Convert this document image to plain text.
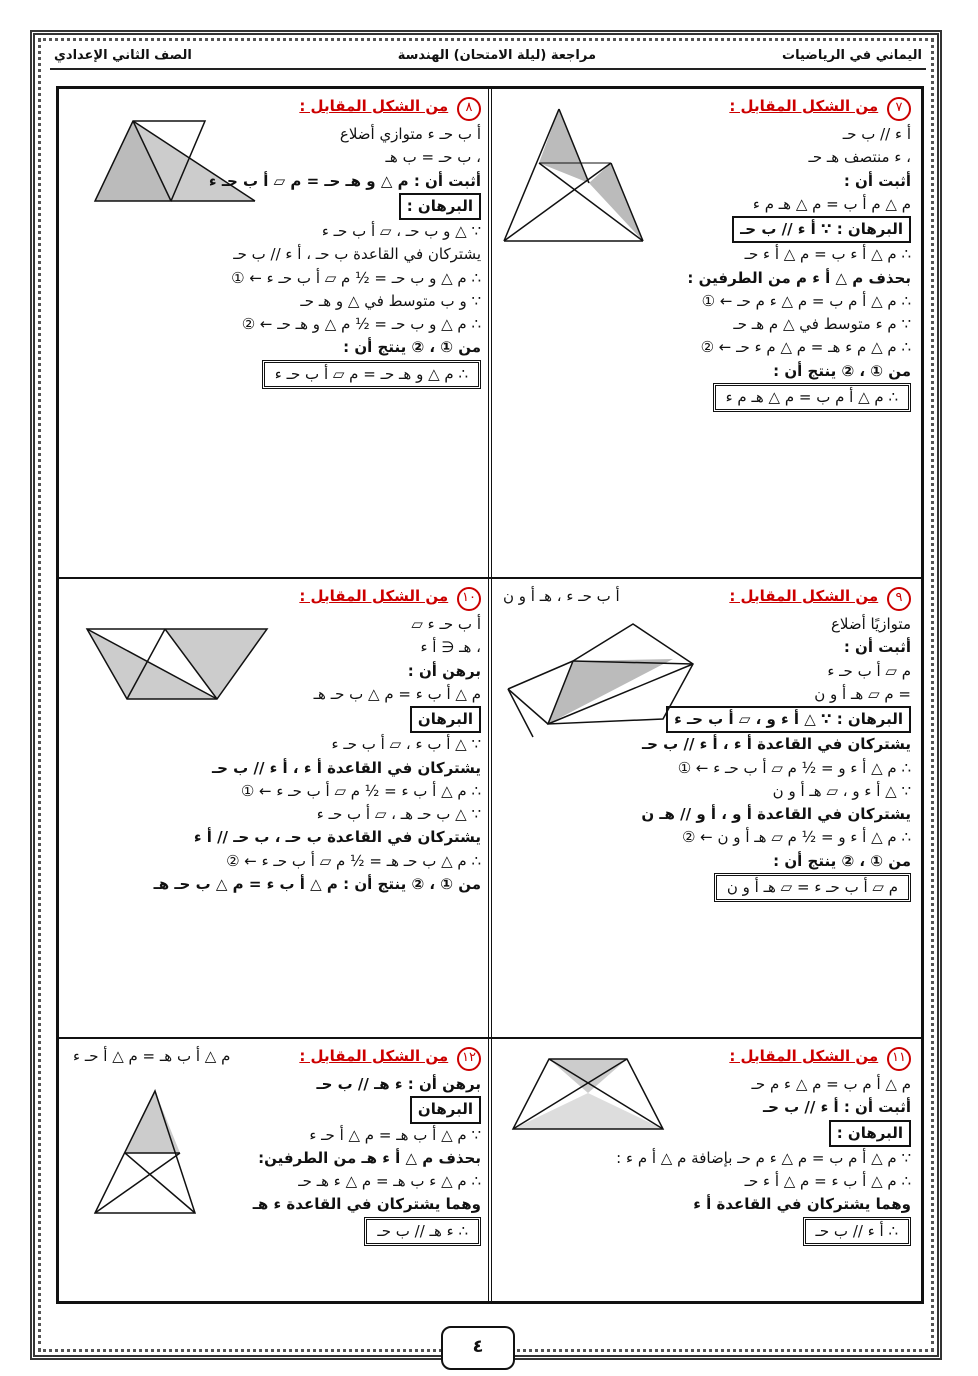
اليماني في الرياضيات
مراجعة (ليلة الامتحان) الهندسة
الصف الثاني الإعدادي
٧ من الشكل المقابل :
أ ء // ب حـ
، ء منتصف هـ حـ
أثبت أن :
م △ م أ ب = م △ هـ م ء
البرهان : ∵ أ ء // ب حـ
∴ م △ أ ء ب = م △ أ ء حـ
بحذف م △ أ ء م من الطرفين :
∴ م △ أ م ب = م △ ء م حـ ← ①
∵ م ء متوسط في △ م هـ حـ
∴ م △ م ء هـ = م △ م ء حـ ← ②
من ① ، ② ينتج أن :
∴ م △ أ م ب = م △ هـ م ء
٨ من الشكل المقابل :
أ ب حـ ء متوازي أضلاع
، ب حـ = ب هـ
أثبت أن : م △ و هـ حـ = م ▱ أ ب حـ ء
البرهان :
∵ △ و ب حـ ، ▱ أ ب حـ ء
يشتركان في القاعدة ب حـ ، أ ء // ب حـ
∴ م △ و ب حـ = ½ م ▱ أ ب حـ ء ← ①
∵ و ب متوسط في △ و هـ حـ
∴ م △ و ب حـ = ½ م △ و هـ حـ ← ②
من ① ، ② ينتج أن :
∴ م △ و هـ حـ = م ▱ أ ب حـ ء
٩ من الشكل المقابل :
متوازيًا أضلاع
أثبت أن :
م ▱ أ ب حـ ء
= م ▱ هـ أ و ن
البرهان : ∵ △ أ ء و ، ▱ أ ب حـ ء
يشتركان في القاعدة أ ء ، أ ء // ب حـ
∴ م △ أ ء و = ½ م ▱ أ ب حـ ء ← ①
∵ △ أ ء و ، ▱ هـ أ و ن
يشتركان في القاعدة أ و ، أ و // هـ ن
∴ م △ أ ء و = ½ م ▱ هـ أ و ن ← ②
من ① ، ② ينتج أن :
م ▱ أ ب حـ ء = ▱ هـ أ و ن
أ ب حـ ء ، هـ أ و ن
١٠ من الشكل المقابل :
أ ب حـ ء ▱
، هـ ∈ أ ء
برهن أن :
م △ أ ب ء = م △ ب حـ هـ
البرهان
∵ △ أ ب ء ، ▱ أ ب حـ ء
يشتركان في القاعدة أ ء ، أ ء // ب حـ
∴ م △ أ ب ء = ½ م ▱ أ ب حـ ء ← ①
∵ △ ب حـ هـ ، ▱ أ ب حـ ء
يشتركان في القاعدة ب حـ ، ب حـ // أ ء
∴ م △ ب حـ هـ = ½ م ▱ أ ب حـ ء ← ②
من ① ، ② ينتج أن : م △ أ ب ء = م △ ب حـ هـ
١١ من الشكل المقابل :
م △ أ م ب = م △ ء م حـ
أثبت أن : أ ء // ب حـ
البرهان :
∵ م △ أ م ب = م △ ء م حـ بإضافة م △ أ م ء :
∴ م △ أ ب ء = م △ أ ء حـ
وهما يشتركان في القاعدة أ ء
∴ أ ء // ب حـ
١٢ من الشكل المقابل :
م △ أ ب هـ = م △ أ حـ ء
برهن أن : ء هـ // ب حـ
البرهان
∵ م △ أ ب هـ = م △ أ حـ ء
بحذف م △ أ ء هـ من الطرفين:
∴ م △ ء ب هـ = م △ ء هـ حـ
وهما يشتركان في القاعدة ء هـ
∴ ء هـ // ب حـ
٤
